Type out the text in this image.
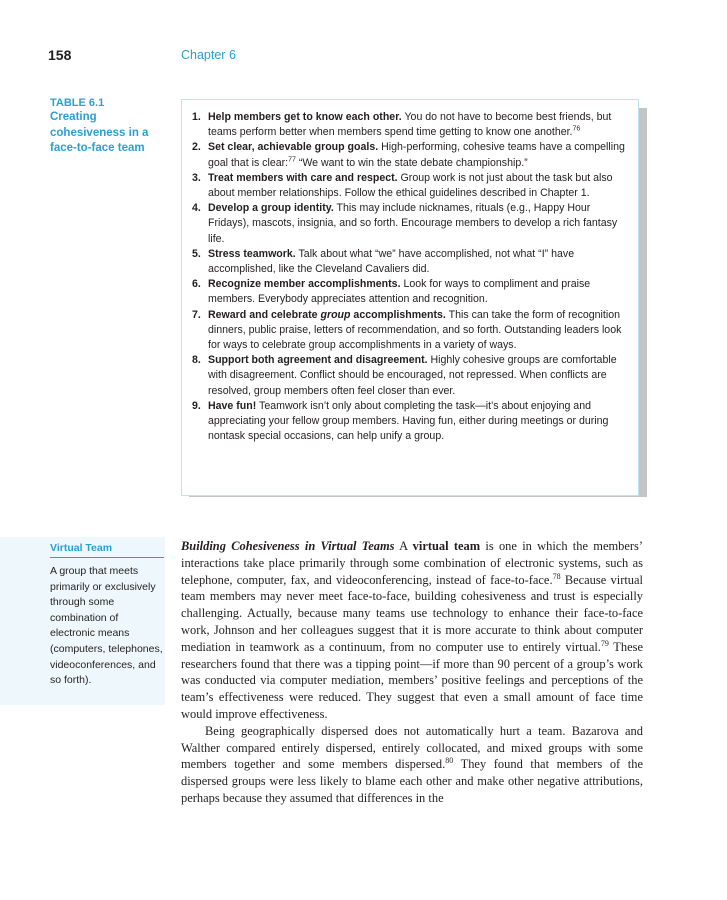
158	Chapter 6
TABLE 6.1
Creating cohesiveness in a face-to-face team
1. Help members get to know each other. You do not have to become best friends, but teams perform better when members spend time getting to know one another.$^{76}$
2. Set clear, achievable group goals. High-performing, cohesive teams have a compelling goal that is clear:$^{77}$ “We want to win the state debate championship.”
3. Treat members with care and respect. Group work is not just about the task but also about member relationships. Follow the ethical guidelines described in Chapter 1.
4. Develop a group identity. This may include nicknames, rituals (e.g., Happy Hour Fridays), mascots, insignia, and so forth. Encourage members to develop a rich fantasy life.
5. Stress teamwork. Talk about what “we” have accomplished, not what “I” have accomplished, like the Cleveland Cavaliers did.
6. Recognize member accomplishments. Look for ways to compliment and praise members. Everybody appreciates attention and recognition.
7. Reward and celebrate group accomplishments. This can take the form of recognition dinners, public praise, letters of recommendation, and so forth. Outstanding leaders look for ways to celebrate group accomplishments in a variety of ways.
8. Support both agreement and disagreement. Highly cohesive groups are comfortable with disagreement. Conflict should be encouraged, not repressed. When conflicts are resolved, group members often feel closer than ever.
9. Have fun! Teamwork isn’t only about completing the task—it’s about enjoying and appreciating your fellow group members. Having fun, either during meetings or during nontask special occasions, can help unify a group.
Virtual Team
A group that meets primarily or exclusively through some combination of electronic means (computers, telephones, videoconferences, and so forth).

Building Cohesiveness in Virtual Teams A virtual team is one in which the members’ interactions take place primarily through some combination of electronic systems, such as telephone, computer, fax, and videoconferencing, instead of face-to-face.$^{78}$ Because virtual team members may never meet face-to-face, building cohesiveness and trust is especially challenging. Actually, because many teams use technology to enhance their face-to-face work, Johnson and her colleagues suggest that it is more accurate to think about computer mediation in teamwork as a continuum, from no computer use to entirely virtual.$^{79}$ These researchers found that there was a tipping point—if more than 90 percent of a group’s work was conducted via computer mediation, members’ positive feelings and perceptions of the team’s effectiveness were reduced. They suggest that even a small amount of face time would improve effectiveness.

Being geographically dispersed does not automatically hurt a team. Bazarova and Walther compared entirely dispersed, entirely collocated, and mixed groups with some members together and some members dispersed.$^{80}$ They found that members of the dispersed groups were less likely to blame each other and make other negative attributions, perhaps because they assumed that differences in the
